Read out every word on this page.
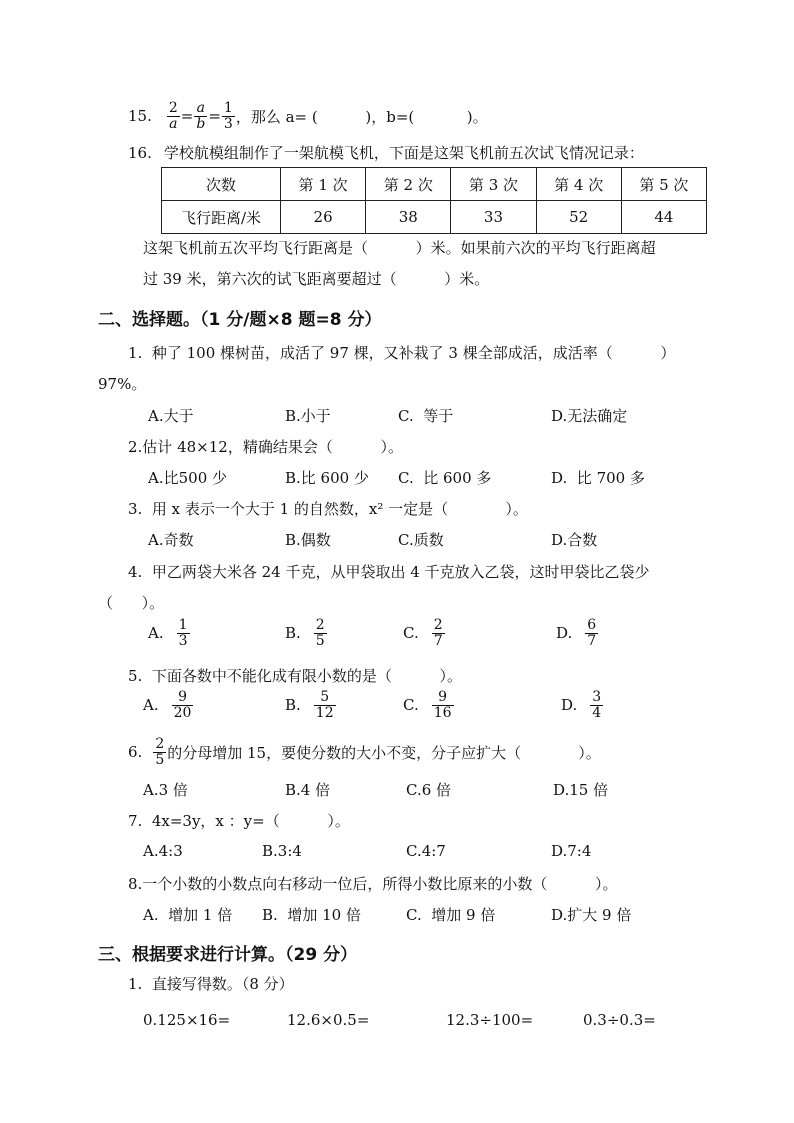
15. $\frac{2}{a} = \frac{a}{b} = \frac{1}{3}$ ，那么 a= (          )，b=(           )。
16. 学校航模组制作了一架航模飞机，下面是这架飞机前五次试飞情况记录：
次数	第 1 次	第 2 次	第 3 次	第 4 次	第 5 次
飞行距离/米	26	38	33	52	44
这架飞机前五次平均飞行距离是（          ）米。如果前六次的平均飞行距离超
过 39 米，第六次的试飞距离要超过（          ）米。
二、选择题。（1 分/题×8 题=8 分）
1.  种了 100 棵树苗，成活了 97 棵，又补栽了 3 棵全部成活，成活率（          ）
97%。
A.大于	B.小于	C.  等于	D.无法确定
2.估计 48×12，精确结果会（          ）。
A.比500 少	B.比 600 少 C.  比 600 多	D.  比 700 多
3.  用 x 表示一个大于 1 的自然数，x² 一定是（            ）。
A.奇数	B.偶数	C.质数	D.合数
4.  甲乙两袋大米各 24 千克，从甲袋取出 4 千克放入乙袋，这时甲袋比乙袋少
（      ）。
A. $\frac{1}{3}$	B. $\frac{2}{5}$	C. $\frac{2}{7}$	D. $\frac{6}{7}$
5.  下面各数中不能化成有限小数的是（          ）。
A. $\frac{9}{20}$	B. $\frac{5}{12}$	C. $\frac{9}{16}$	D. $\frac{3}{4}$
6. $\frac{2}{5}$ 的分母增加 15，要使分数的大小不变，分子应扩大（            ）。
A.3 倍	B.4 倍	C.6 倍	D.15 倍
7.  4x=3y，x ：y=（          ）。
A.4:3	B.3:4	C.4:7	D.7:4
8.一个小数的小数点向右移动一位后，所得小数比原来的小数（          ）。
A.  增加 1 倍 B.  增加 10 倍	C.  增加 9 倍	D.扩大 9 倍
三、根据要求进行计算。（29 分）
1.  直接写得数。（8 分）
0.125×16=	12.6×0.5=	12.3÷100=	0.3÷0.3=
